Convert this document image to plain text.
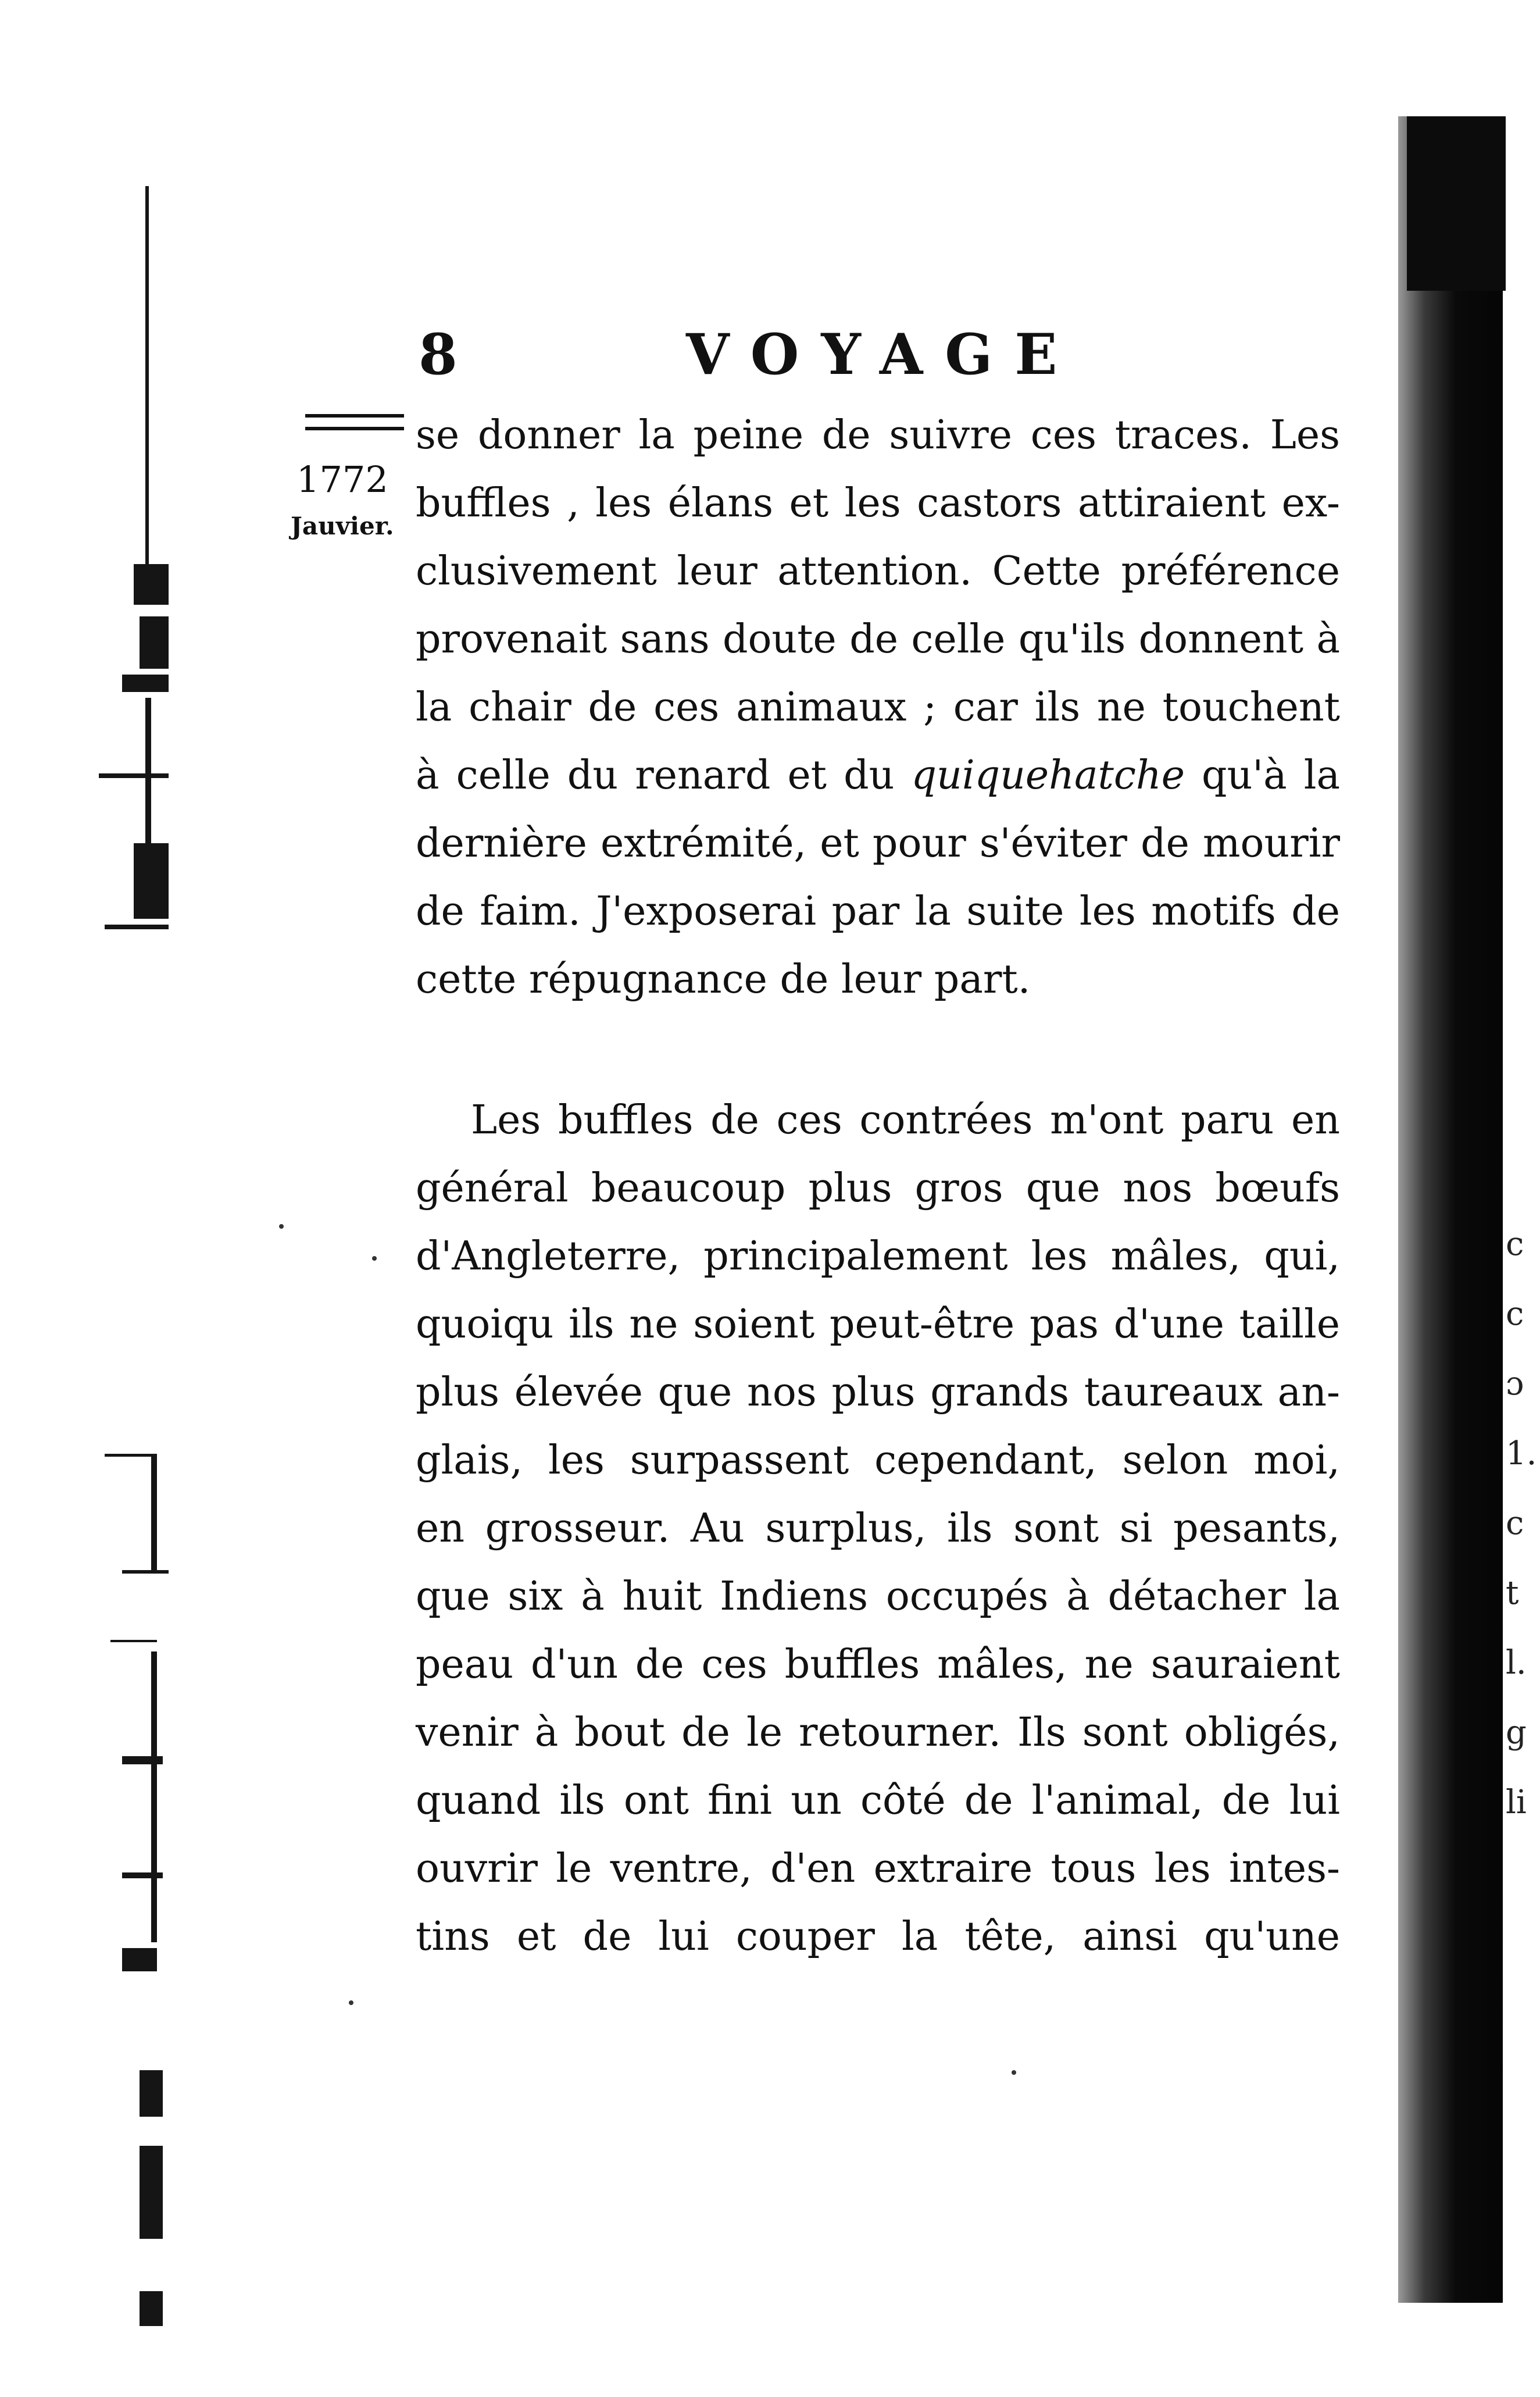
c
c
ɔ
1.
c
t
l.
g
li
8	VOYAGE
1772
Jauvier.
se donner la peine de suivre ces traces. Les
buffles , les élans et les castors attiraient ex-
clusivement leur attention. Cette préférence
provenait sans doute de celle qu'ils donnent à
la chair de ces animaux ; car ils ne touchent
à celle du renard et du quiquehatche qu'à la
dernière extrémité, et pour s'éviter de mourir
de faim. J'exposerai par la suite les motifs de
cette répugnance de leur part.
Les buffles de ces contrées m'ont paru en
général beaucoup plus gros que nos bœufs
d'Angleterre, principalement les mâles, qui,
quoiqu ils ne soient peut-être pas d'une taille
plus élevée que nos plus grands taureaux an-
glais, les surpassent cependant, selon moi,
en grosseur. Au surplus, ils sont si pesants,
que six à huit Indiens occupés à détacher la
peau d'un de ces buffles mâles, ne sauraient
venir à bout de le retourner. Ils sont obligés,
quand ils ont fini un côté de l'animal, de lui
ouvrir le ventre, d'en extraire tous les intes-
tins et de lui couper la tête, ainsi qu'une
